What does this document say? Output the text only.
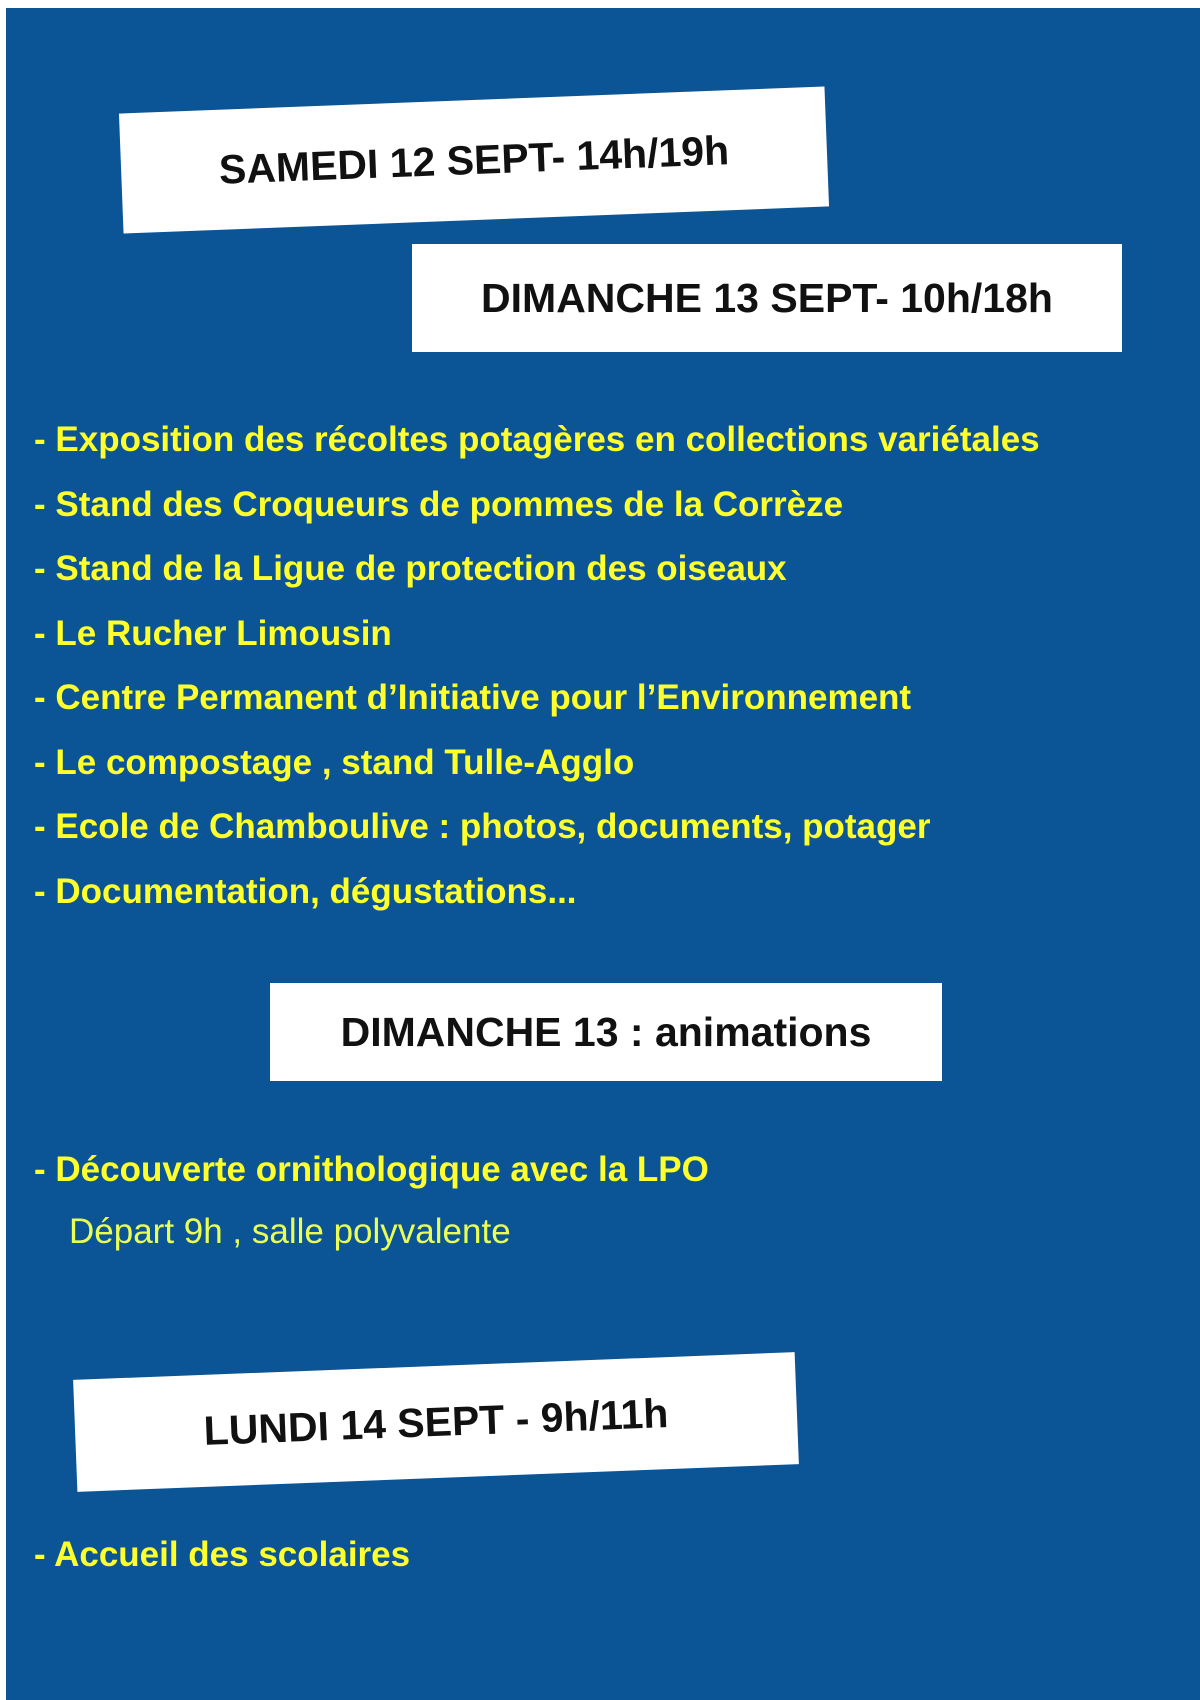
SAMEDI 12 SEPT- 14h/19h
DIMANCHE 13 SEPT- 10h/18h
- Exposition des récoltes potagères en collections variétales
- Stand des Croqueurs de pommes de la Corrèze
- Stand de la Ligue de protection des oiseaux
- Le Rucher Limousin
- Centre Permanent d’Initiative pour l’Environnement
- Le compostage , stand Tulle-Agglo
- Ecole de Chamboulive : photos, documents, potager
- Documentation, dégustations...
DIMANCHE 13 : animations
- Découverte ornithologique avec la LPO
Départ 9h , salle polyvalente
LUNDI 14 SEPT - 9h/11h
- Accueil des scolaires
